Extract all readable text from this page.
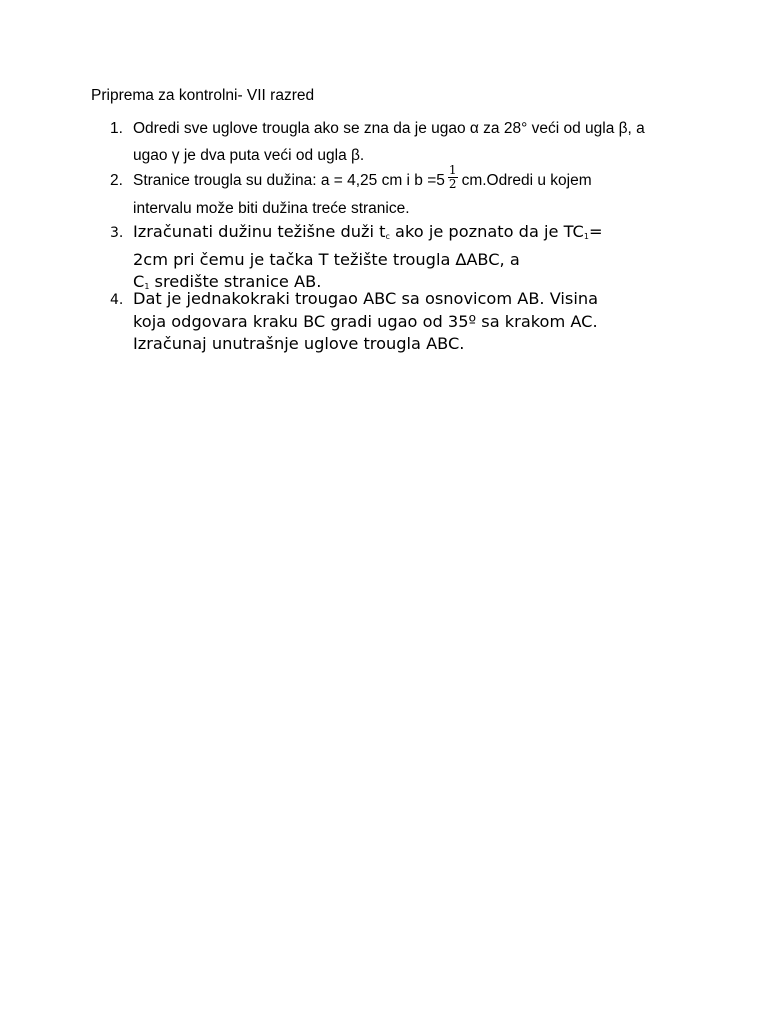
Priprema za kontrolni- VII razred
1. Odredi sve uglove trougla ako se zna da je ugao α za 28° veći od ugla β, a
ugao γ je dva puta veći od ugla β.
2. Stranice trougla su dužina: a = 4,25 cm i $b =5 \frac{1}{2}$ cm.Odredi u kojem
intervalu može biti dužina treće stranice.
3. Izračunati dužinu težišne duži $t_c$ ako je poznato da je $TC_1=$
2cm pri čemu je tačka T težište trougla ∆ABC, a
$C_1$ središte stranice AB.
4. Dat je jednakokraki trougao ABC sa osnovicom AB. Visina
koja odgovara kraku BC gradi ugao od 35º sa krakom AC.
Izračunaj unutrašnje uglove trougla ABC.
